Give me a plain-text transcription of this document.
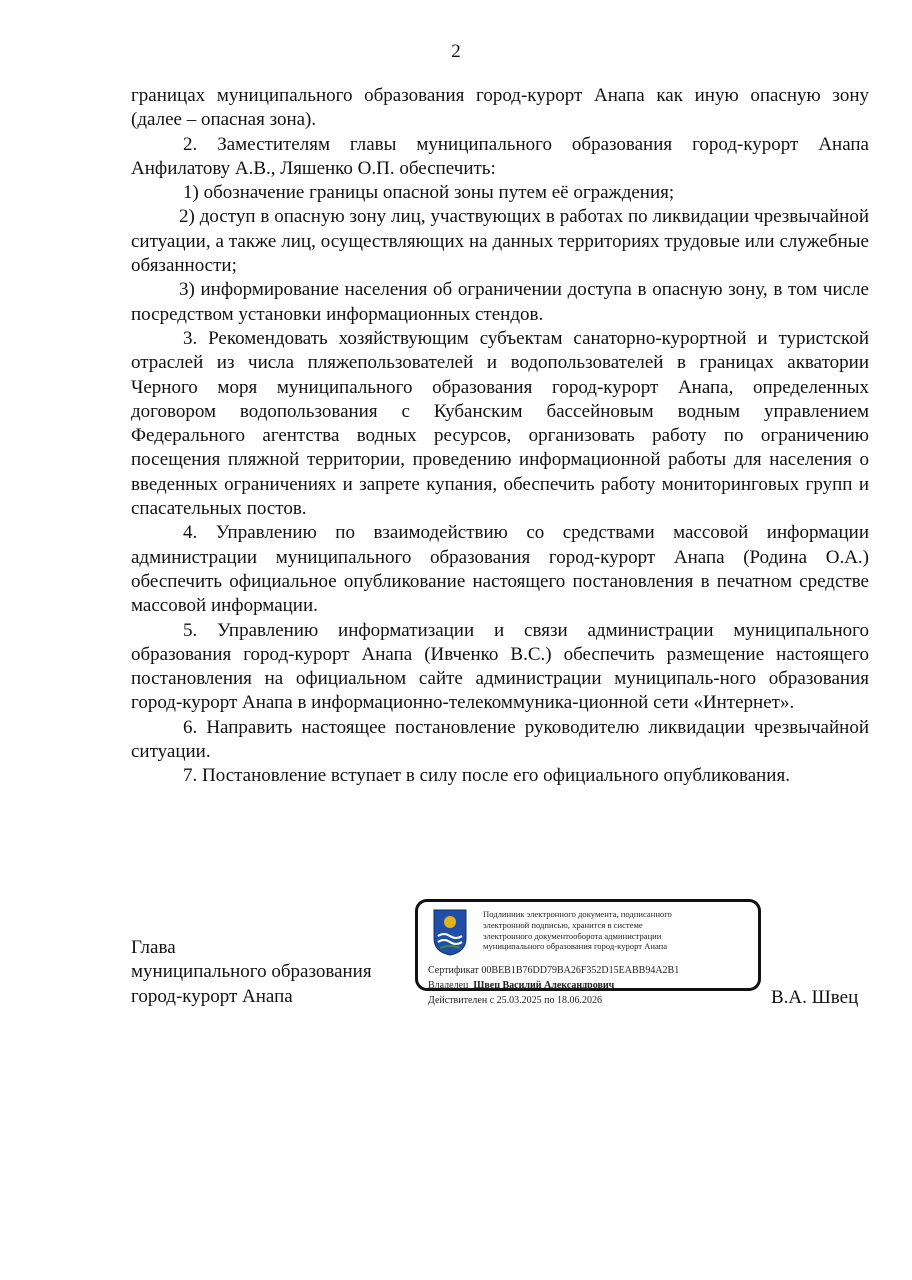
2

границах муниципального образования город-курорт Анапа как иную опасную зону (далее – опасная зона).

2. Заместителям главы муниципального образования город-курорт Анапа Анфилатову А.В., Ляшенко О.П. обеспечить:

1) обозначение границы опасной зоны путем её ограждения;

2) доступ в опасную зону лиц, участвующих в работах по ликвидации чрезвычайной ситуации, а также лиц, осуществляющих на данных территориях трудовые или служебные обязанности;

3) информирование населения об ограничении доступа в опасную зону, в том числе посредством установки информационных стендов.

3. Рекомендовать хозяйствующим субъектам санаторно-курортной и туристской отраслей из числа пляжепользователей и водопользователей в границах акватории Черного моря муниципального образования город-курорт Анапа, определенных договором водопользования с Кубанским бассейновым водным управлением Федерального агентства водных ресурсов, организовать работу по ограничению посещения пляжной территории, проведению информационной работы для населения о введенных ограничениях и запрете купания, обеспечить работу мониторинговых групп и спасательных постов.

4. Управлению по взаимодействию со средствами массовой информации администрации муниципального образования город-курорт Анапа (Родина О.А.) обеспечить официальное опубликование настоящего постановления в печатном средстве массовой информации.

5. Управлению информатизации и связи администрации муниципального образования город-курорт Анапа (Ивченко В.С.) обеспечить размещение настоящего постановления на официальном сайте администрации муниципаль-ного образования город-курорт Анапа в информационно-телекоммуника-ционной сети «Интернет».

6. Направить настоящее постановление руководителю ликвидации чрезвычайной ситуации.

7. Постановление вступает в силу после его официального опубликования.

Глава
муниципального образования
город-курорт Анапа
Подлинник электронного документа, подписанного
электронной подписью, хранится в системе
электронного документооборота администрации
муниципального образования город-курорт Анапа
Сертификат 00BEB1B76DD79BA26F352D15EABB94A2B1
Владелец Швец Василий Александрович
Действителен с 25.03.2025 по 18.06.2026	В.А. Швец
